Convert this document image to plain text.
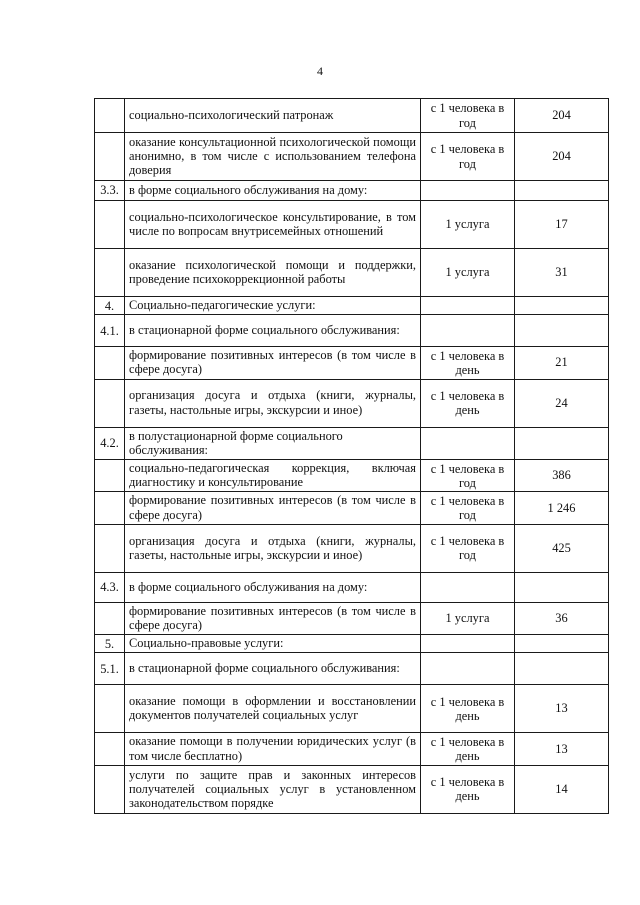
4
	социально-психологический патронаж	с 1 человека в год	204
	оказание консультационной психологической помощи анонимно, в том числе с использованием телефона доверия	с 1 человека в год	204
3.3.	в форме социального обслуживания на дому:		
	социально-психологическое консультирование, в том числе по вопросам внутрисемейных отношений	1 услуга	17
	оказание психологической помощи и поддержки, проведение психокоррекционной работы	1 услуга	31
4.	Социально-педагогические услуги:		
4.1.	в стационарной форме социального обслуживания:		
	формирование позитивных интересов (в том числе в сфере досуга)	с 1 человека в день	21
	организация досуга и отдыха (книги, журналы, газеты, настольные игры, экскурсии и иное)	с 1 человека в день	24
4.2.	в полустационарной форме социального обслуживания:		
	социально-педагогическая коррекция, включая диагностику и консультирование	с 1 человека в год	386
	формирование позитивных интересов (в том числе в сфере досуга)	с 1 человека в год	1 246
	организация досуга и отдыха (книги, журналы, газеты, настольные игры, экскурсии и иное)	с 1 человека в год	425
4.3.	в форме социального обслуживания на дому:		
	формирование позитивных интересов (в том числе в сфере досуга)	1 услуга	36
5.	Социально-правовые услуги:		
5.1.	в стационарной форме социального обслуживания:		
	оказание помощи в оформлении и восстановлении документов получателей социальных услуг	с 1 человека в день	13
	оказание помощи в получении юридических услуг (в том числе бесплатно)	с 1 человека в день	13
	услуги по защите прав и законных интересов получателей социальных услуг в установленном законодательством порядке	с 1 человека в день	14
